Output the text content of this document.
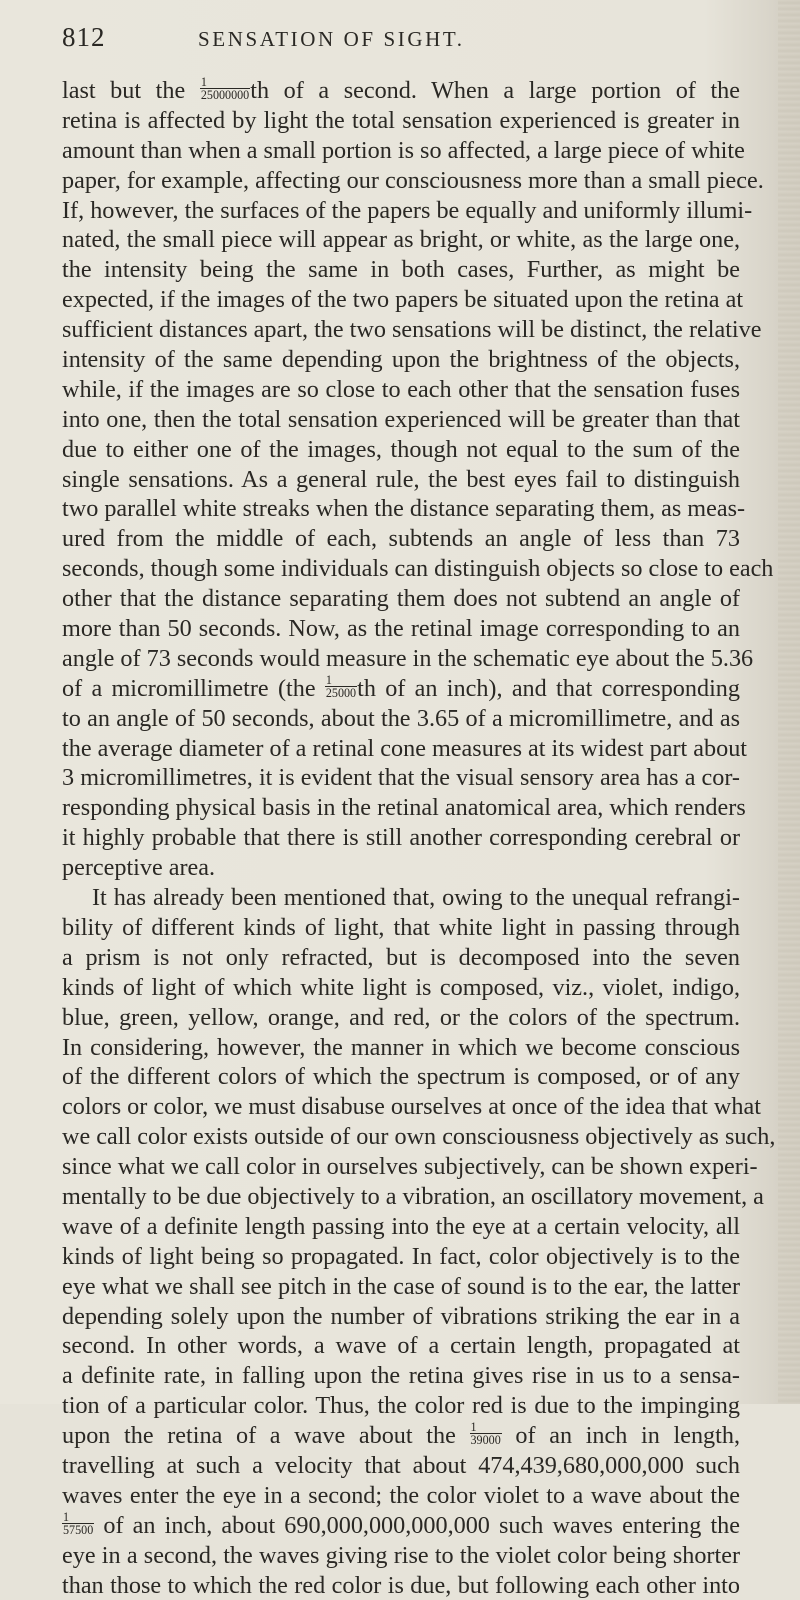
812	SENSATION OF SIGHT.
last but the $\frac{1}{25000000}$ th of a second. When a large portion of the
retina is affected by light the total sensation experienced is greater in
amount than when a small portion is so affected, a large piece of white
paper, for example, affecting our consciousness more than a small piece.
If, however, the surfaces of the papers be equally and uniformly illumi-
nated, the small piece will appear as bright, or white, as the large one,
the intensity being the same in both cases, Further, as might be
expected, if the images of the two papers be situated upon the retina at
sufficient distances apart, the two sensations will be distinct, the relative
intensity of the same depending upon the brightness of the objects,
while, if the images are so close to each other that the sensation fuses
into one, then the total sensation experienced will be greater than that
due to either one of the images, though not equal to the sum of the
single sensations. As a general rule, the best eyes fail to distinguish
two parallel white streaks when the distance separating them, as meas-
ured from the middle of each, subtends an angle of less than 73
seconds, though some individuals can distinguish objects so close to each
other that the distance separating them does not subtend an angle of
more than 50 seconds. Now, as the retinal image corresponding to an
angle of 73 seconds would measure in the schematic eye about the 5.36
of a micromillimetre ($the \frac{1}{25000}$ th of an inch), and that corresponding
to an angle of 50 seconds, about the 3.65 of a micromillimetre, and as
the average diameter of a retinal cone measures at its widest part about
3 micromillimetres, it is evident that the visual sensory area has a cor-
responding physical basis in the retinal anatomical area, which renders
it highly probable that there is still another corresponding cerebral or
perceptive area.
It has already been mentioned that, owing to the unequal refrangi-
bility of different kinds of light, that white light in passing through
a prism is not only refracted, but is decomposed into the seven
kinds of light of which white light is composed, viz., violet, indigo,
blue, green, yellow, orange, and red, or the colors of the spectrum.
In considering, however, the manner in which we become conscious
of the different colors of which the spectrum is composed, or of any
colors or color, we must disabuse ourselves at once of the idea that what
we call color exists outside of our own consciousness objectively as such,
since what we call color in ourselves subjectively, can be shown experi-
mentally to be due objectively to a vibration, an oscillatory movement, a
wave of a definite length passing into the eye at a certain velocity, all
kinds of light being so propagated. In fact, color objectively is to the
eye what we shall see pitch in the case of sound is to the ear, the latter
depending solely upon the number of vibrations striking the ear in a
second. In other words, a wave of a certain length, propagated at
a definite rate, in falling upon the retina gives rise in us to a sensa-
tion of a particular color. Thus, the color red is due to the impinging
upon the retina of a wave about the $\frac{1}{39000}$ of an inch in length,
travelling at such a velocity that about 474,439,680,000,000 such
waves enter the eye in a second; the color violet to a wave about the
$\frac{1}{57500}$ of an inch, about 690,000,000,000,000 such waves entering the
eye in a second, the waves giving rise to the violet color being shorter
than those to which the red color is due, but following each other into
